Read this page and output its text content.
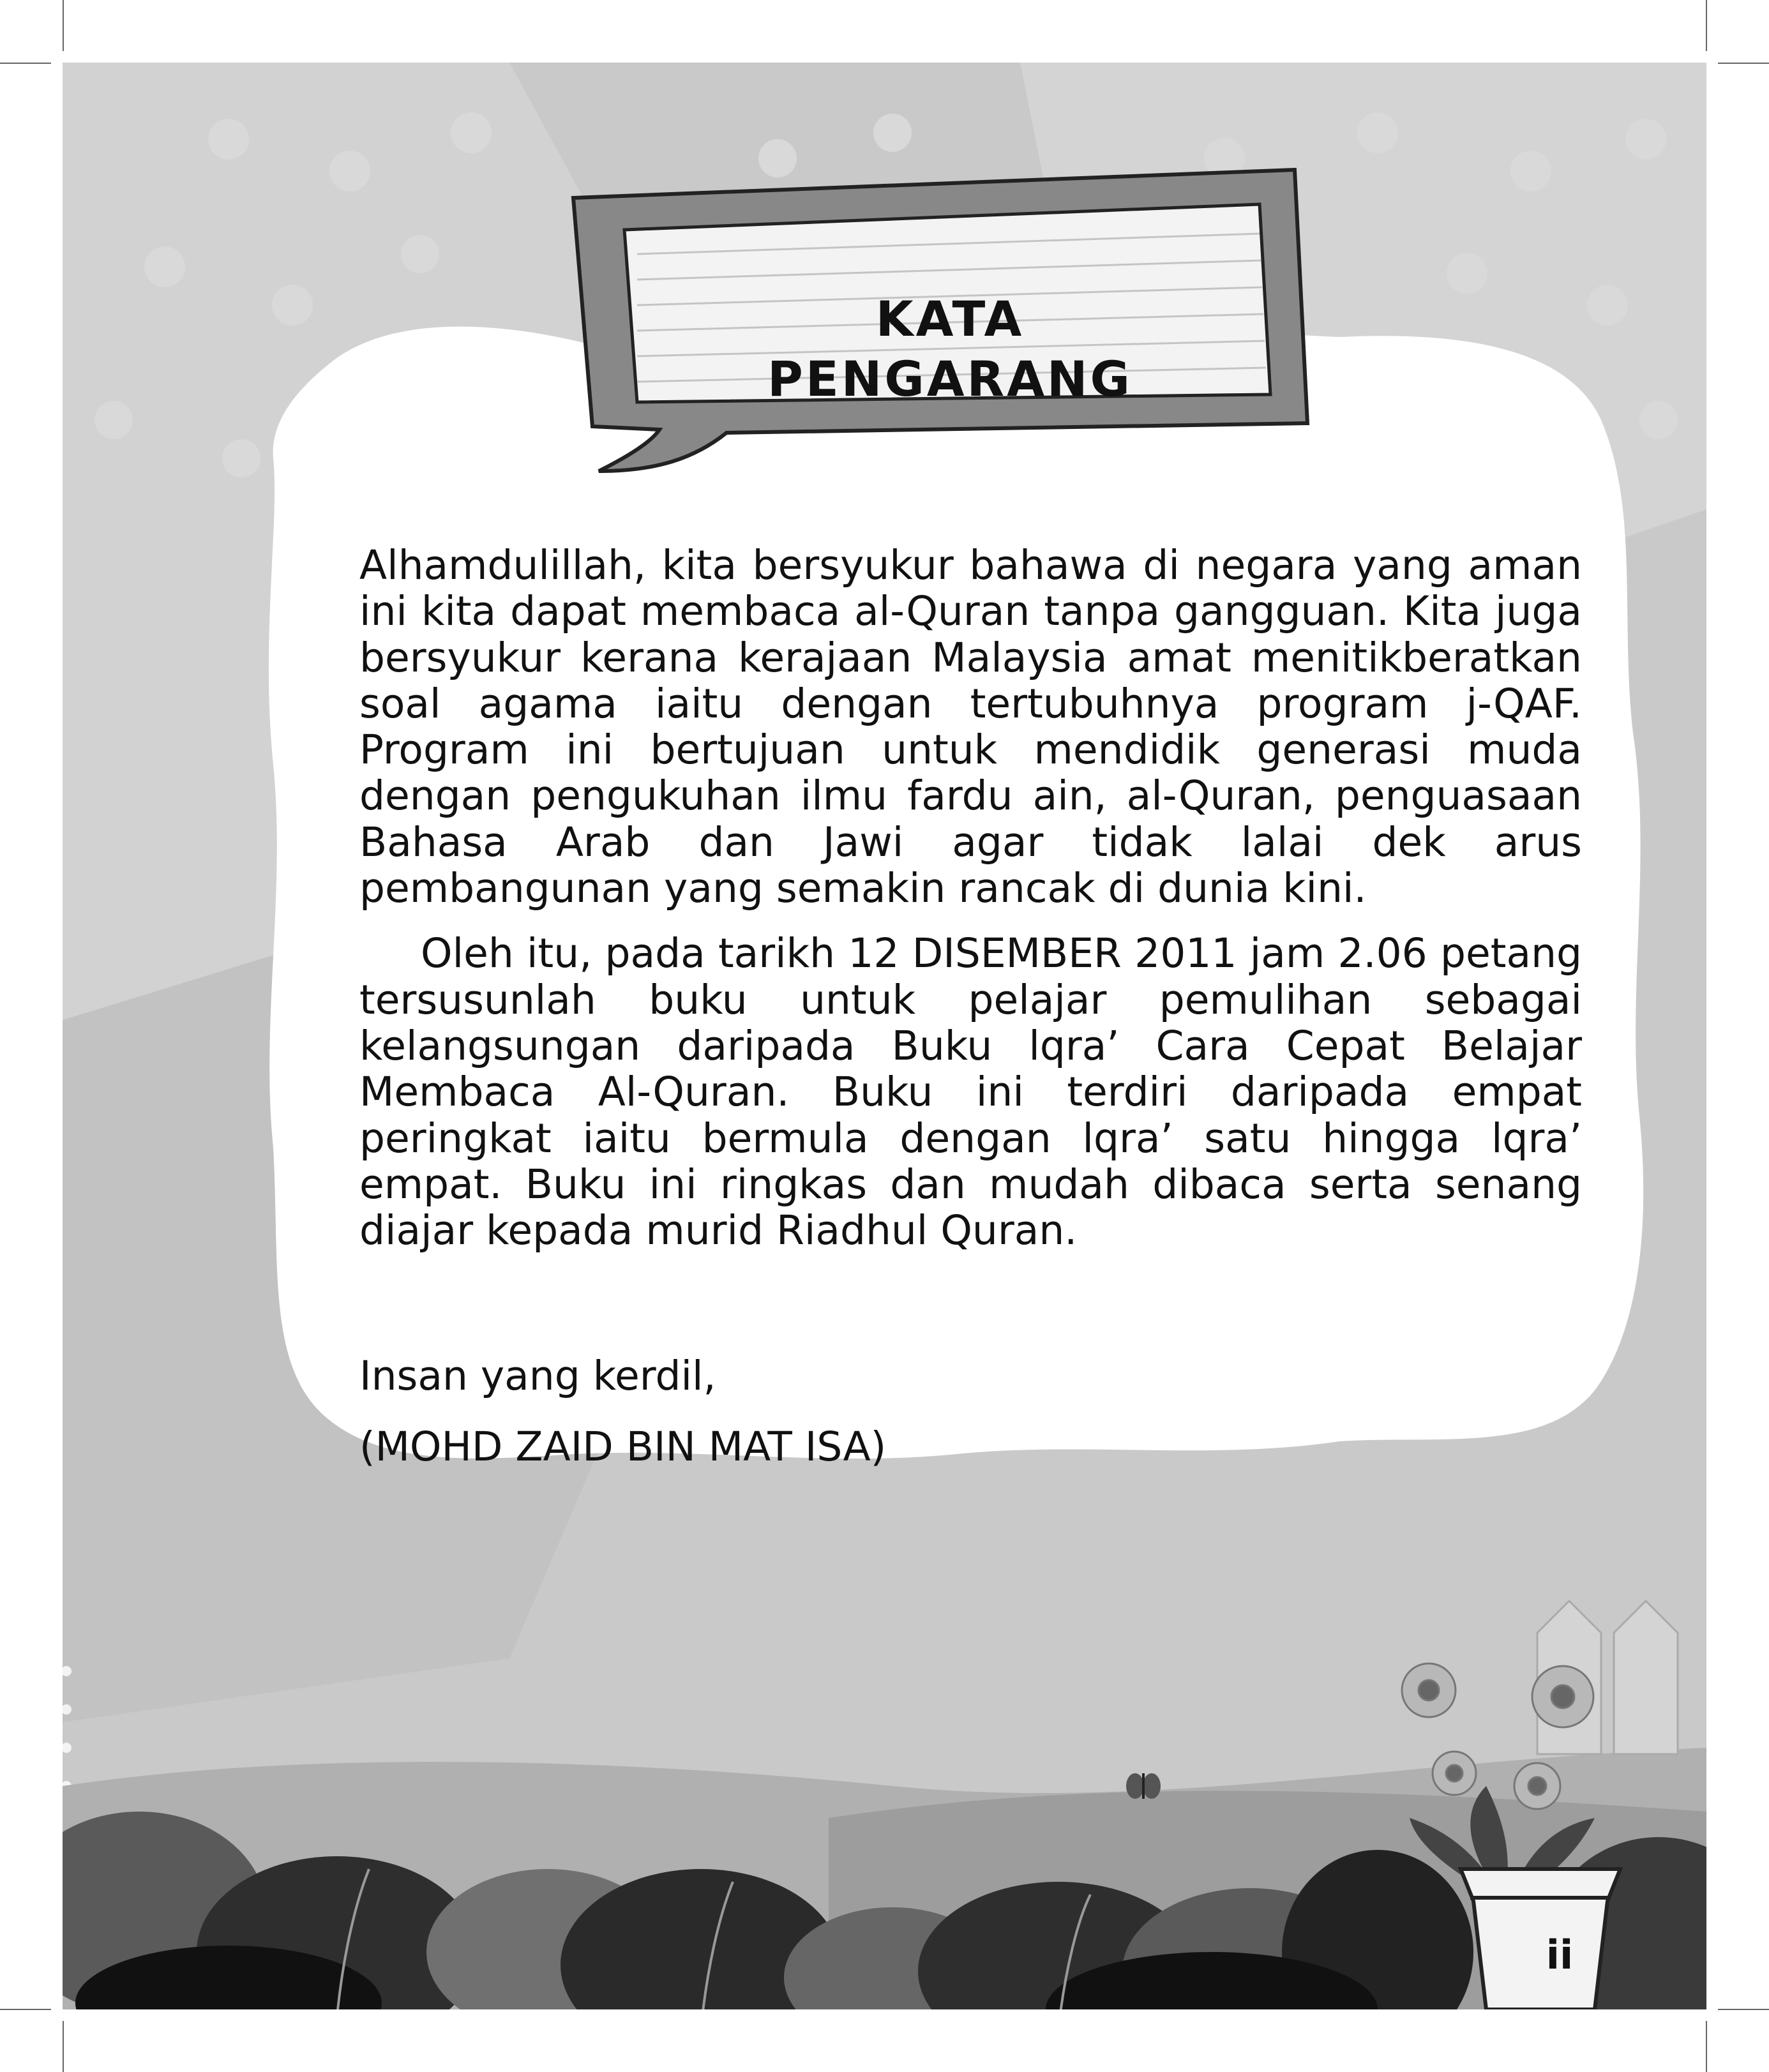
KATA
PENGARANG

Alhamdulillah, kita bersyukur bahawa di negara yang aman ini kita dapat membaca al-Quran tanpa gangguan. Kita juga bersyukur kerana kerajaan Malaysia amat menitikberatkan soal agama iaitu dengan tertubuhnya program j-QAF. Program ini bertujuan untuk mendidik generasi muda dengan pengukuhan ilmu fardu ain, al-Quran, penguasaan Bahasa Arab dan Jawi agar tidak lalai dek arus pembangunan yang semakin rancak di dunia kini.

Oleh itu, pada tarikh 12 DISEMBER 2011 jam 2.06 petang tersusunlah buku untuk pelajar pemulihan sebagai kelangsungan daripada Buku lqra’ Cara Cepat Belajar Membaca Al-Quran. Buku ini terdiri daripada empat peringkat iaitu bermula dengan lqra’ satu hingga lqra’ empat. Buku ini ringkas dan mudah dibaca serta senang diajar kepada murid Riadhul Quran.

Insan yang kerdil,
(MOHD ZAID BIN MAT ISA)
ii
